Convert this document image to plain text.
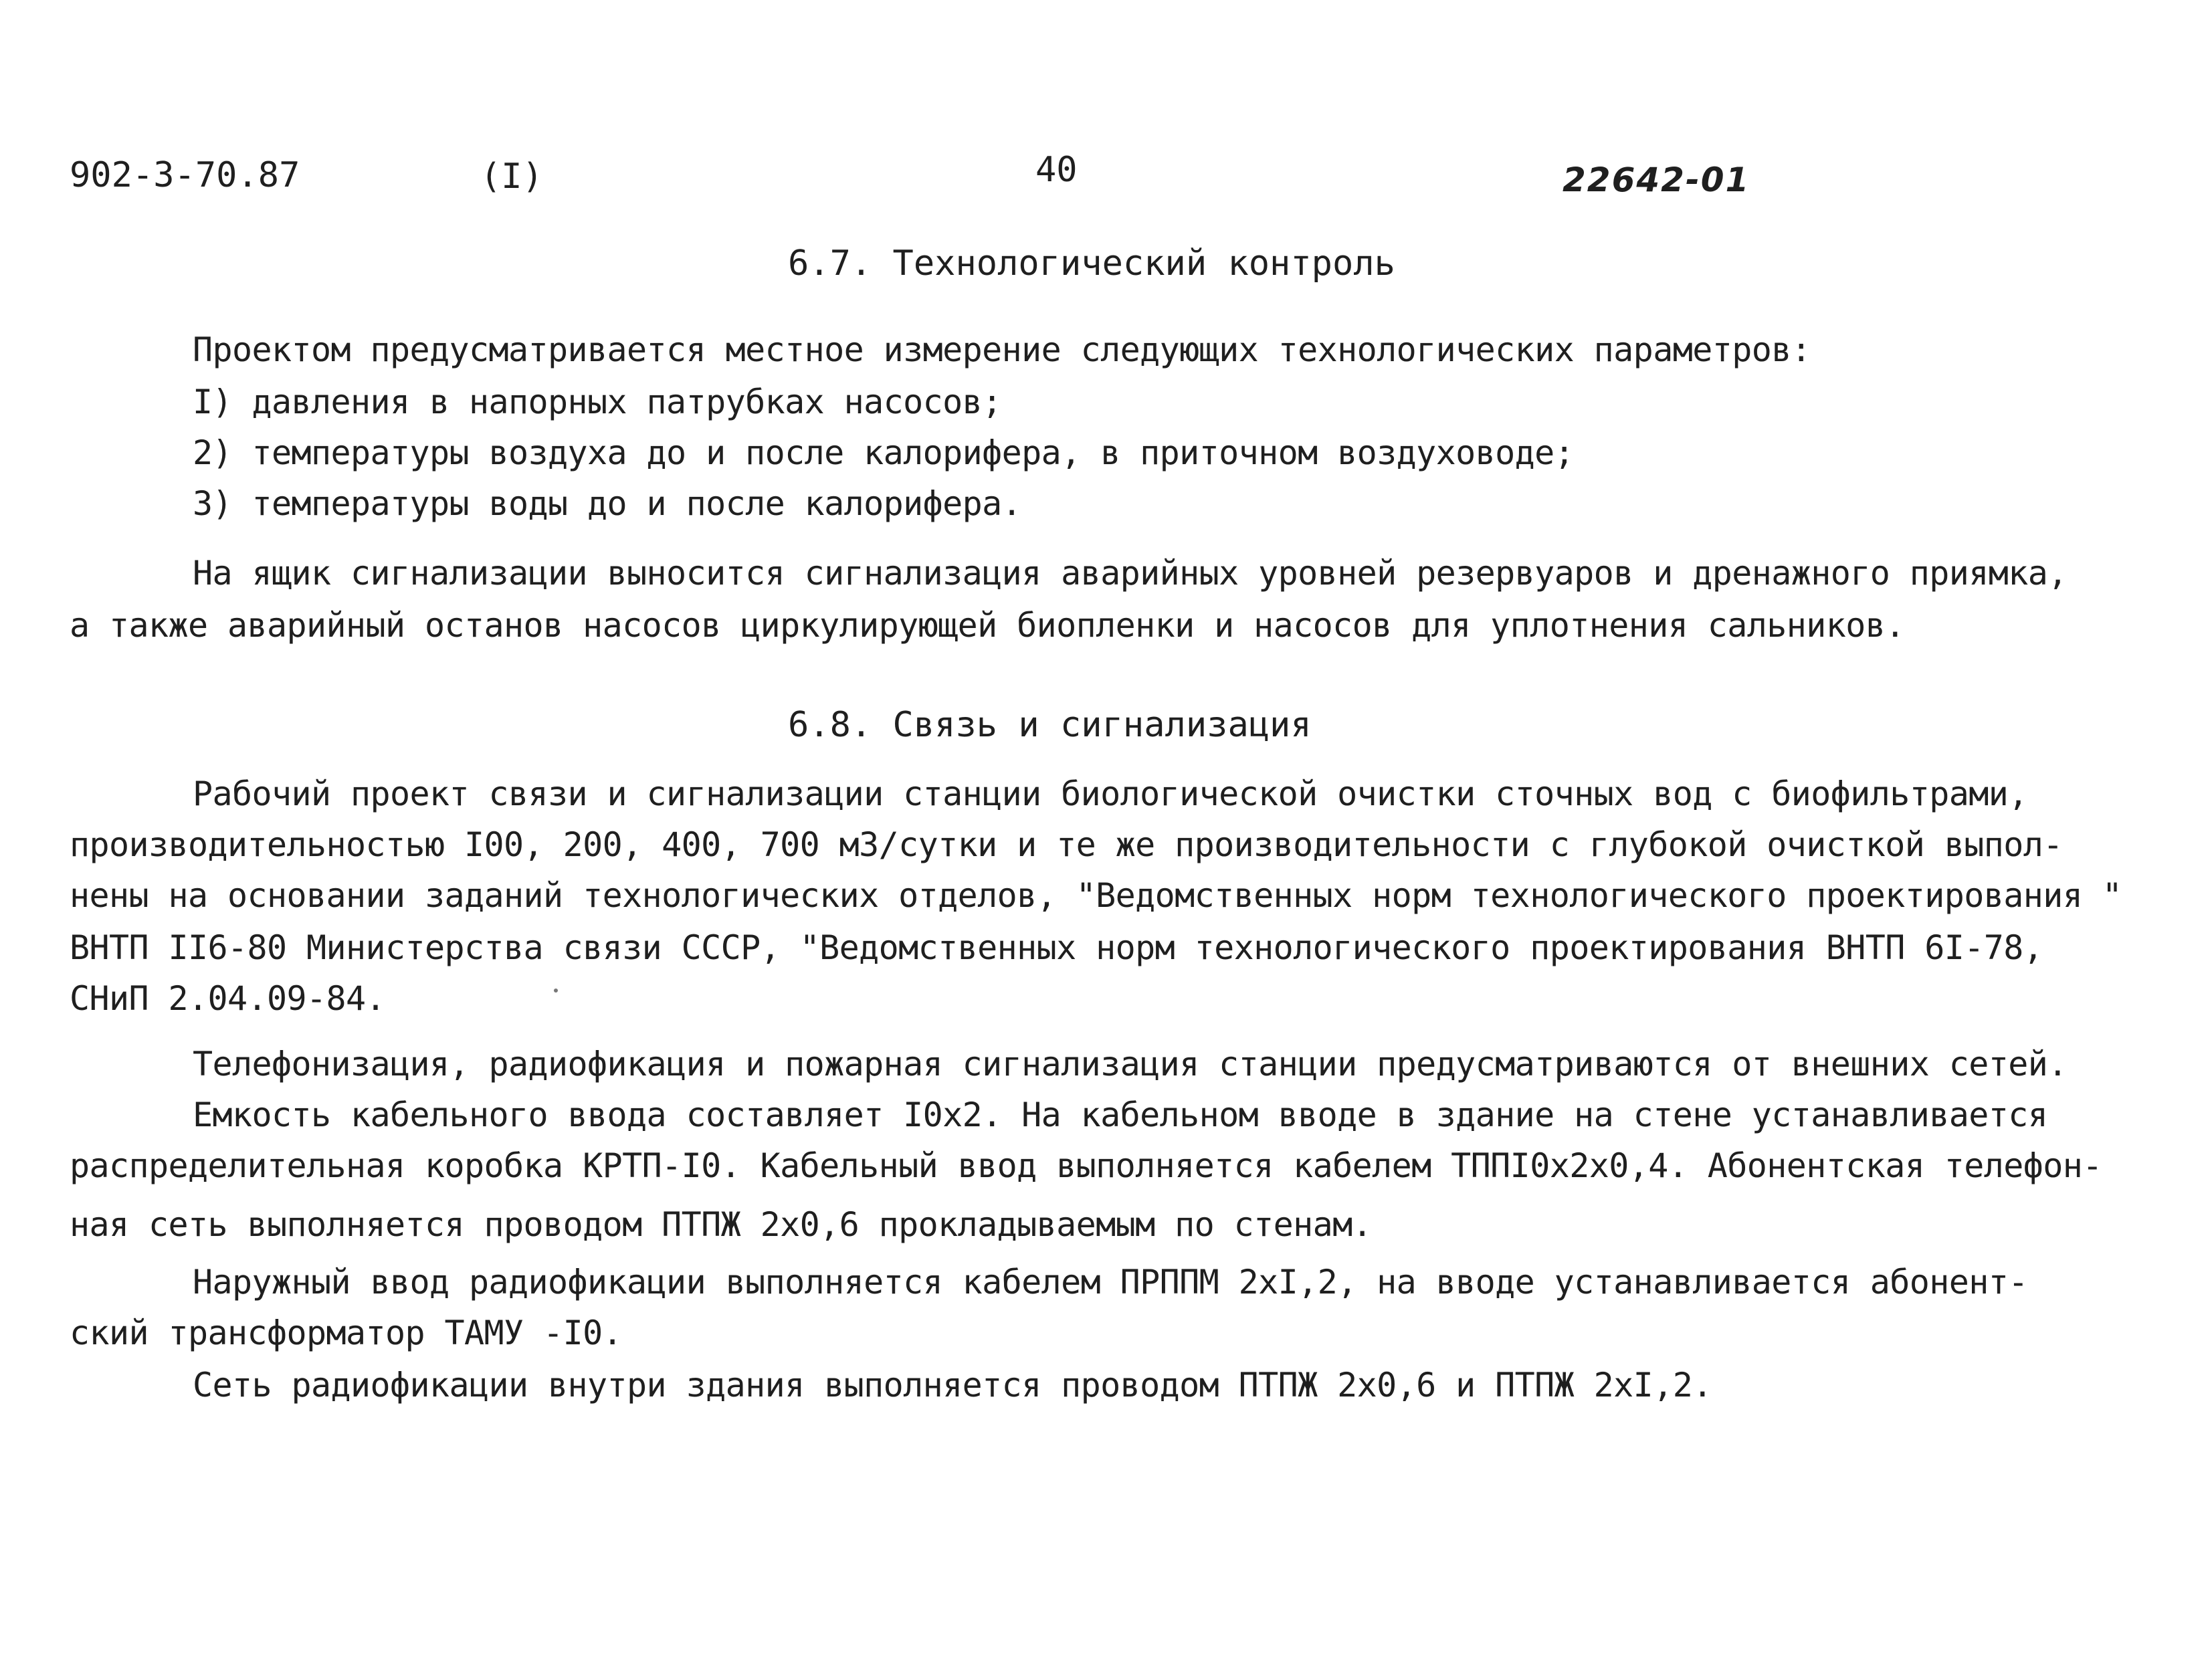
902-3-70.87	(I)	40	22642-01
6.7. Технологический контроль
Проектом предусматривается местное измерение следующих технологических параметров:
I) давления в напорных патрубках насосов;
2) температуры воздуха до и после калорифера, в приточном воздуховоде;
3) температуры воды до и после калорифера.
На ящик сигнализации выносится сигнализация аварийных уровней резервуаров и дренажного приямка,
а также аварийный останов насосов циркулирующей биопленки и насосов для уплотнения сальников.
6.8. Связь и сигнализация
Рабочий проект связи и сигнализации станции биологической очистки сточных вод с биофильтрами,
производительностью I00, 200, 400, 700 м3/сутки и те же производительности с глубокой очисткой выпол-
нены на основании заданий технологических отделов, "Ведомственных норм технологического проектирования "
ВНТП II6-80 Министерства связи СССР, "Ведомственных норм технологического проектирования ВНТП 6I-78,
СНиП 2.04.09-84.
Телефонизация, радиофикация и пожарная сигнализация станции предусматриваются от внешних сетей.
Емкость кабельного ввода составляет I0х2. На кабельном вводе в здание на стене устанавливается
распределительная коробка КРТП-I0. Кабельный ввод выполняется кабелем ТППI0х2х0,4. Абонентская телефон-
ная сеть выполняется проводом ПТПЖ 2х0,6 прокладываемым по стенам.
Наружный ввод радиофикации выполняется кабелем ПРППМ 2хI,2, на вводе устанавливается абонент-
ский трансформатор ТАМУ -I0.
Сеть радиофикации внутри здания выполняется проводом ПТПЖ 2х0,6 и ПТПЖ 2хI,2.
